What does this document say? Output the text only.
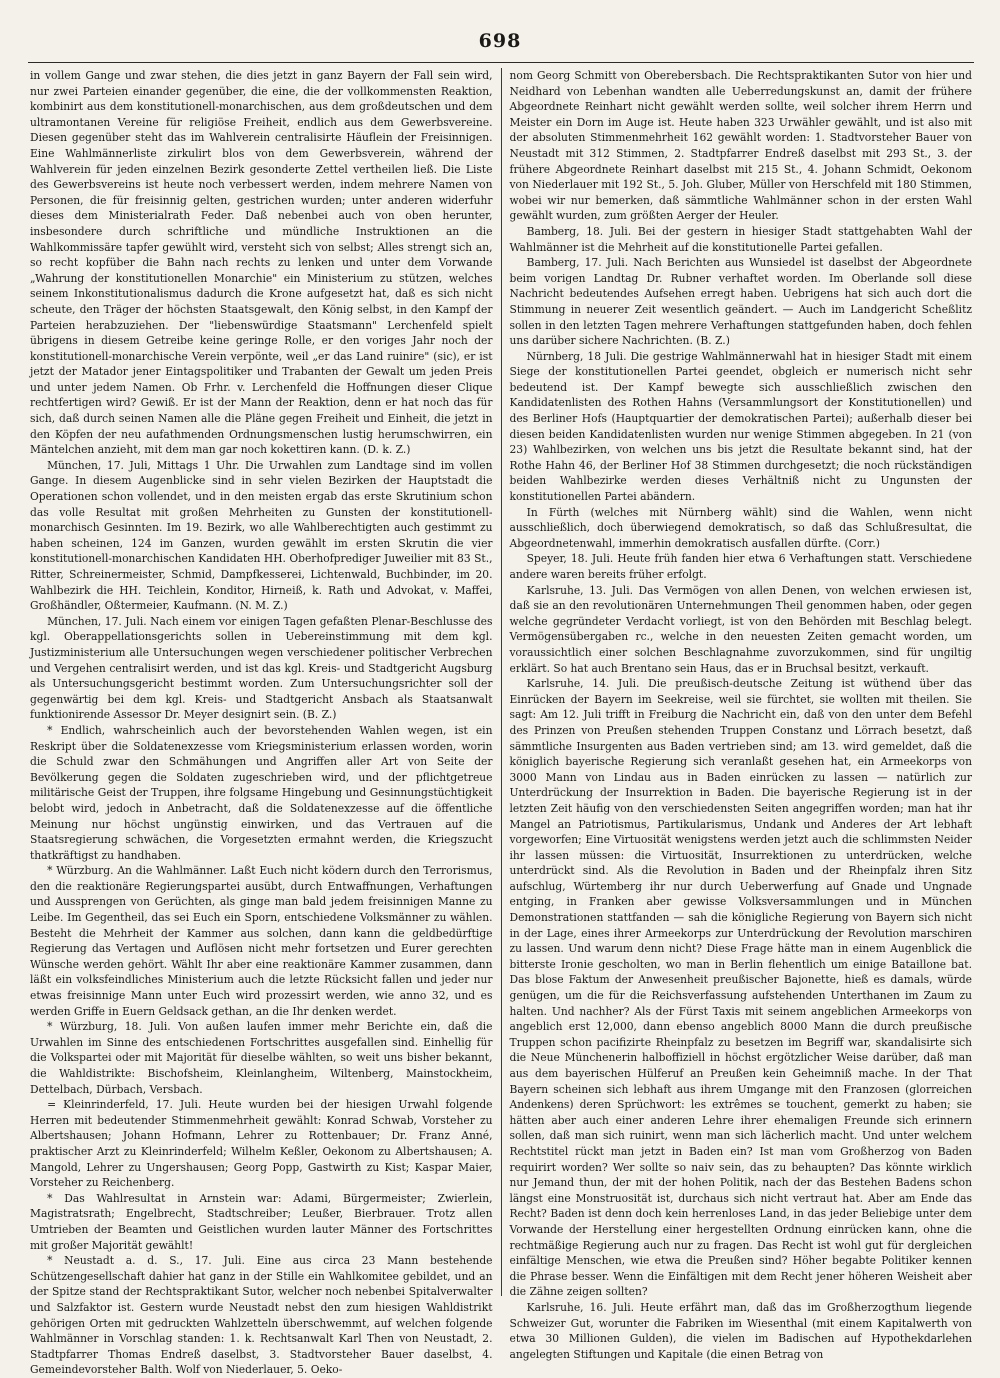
698

in vollem Gange und zwar stehen, die dies jetzt in ganz Bayern der Fall sein wird, nur zwei Parteien einander gegenüber, die eine, die der vollkommensten Reaktion, kombinirt aus dem konstitutionell-monarchischen, aus dem großdeutschen und dem ultramontanen Vereine für religiöse Freiheit, endlich aus dem Gewerbsvereine. Diesen gegenüber steht das im Wahlverein centralisirte Häuflein der Freisinnigen. Eine Wahlmännerliste zirkulirt blos von dem Gewerbsverein, während der Wahlverein für jeden einzelnen Bezirk gesonderte Zettel vertheilen ließ. Die Liste des Gewerbsvereins ist heute noch verbessert werden, indem mehrere Namen von Personen, die für freisinnig gelten, gestrichen wurden; unter anderen widerfuhr dieses dem Ministerialrath Feder. Daß nebenbei auch von oben herunter, insbesondere durch schriftliche und mündliche Instruktionen an die Wahlkommissäre tapfer gewühlt wird, versteht sich von selbst; Alles strengt sich an, so recht kopfüber die Bahn nach rechts zu lenken und unter dem Vorwande „Wahrung der konstitutionellen Monarchie" ein Ministerium zu stützen, welches seinem Inkonstitutionalismus dadurch die Krone aufgesetzt hat, daß es sich nicht scheute, den Träger der höchsten Staatsgewalt, den König selbst, in den Kampf der Parteien herabzuziehen. Der "liebenswürdige Staatsmann" Lerchenfeld spielt übrigens in diesem Getreibe keine geringe Rolle, er den voriges Jahr noch der konstitutionell-monarchische Verein verpönte, weil „er das Land ruinire" (sic), er ist jetzt der Matador jener Eintagspolitiker und Trabanten der Gewalt um jeden Preis und unter jedem Namen. Ob Frhr. v. Lerchenfeld die Hoffnungen dieser Clique rechtfertigen wird? Gewiß. Er ist der Mann der Reaktion, denn er hat noch das für sich, daß durch seinen Namen alle die Pläne gegen Freiheit und Einheit, die jetzt in den Köpfen der neu aufathmenden Ordnungsmenschen lustig herumschwirren, ein Mäntelchen anzieht, mit dem man gar noch kokettiren kann. (D. k. Z.)

München, 17. Juli, Mittags 1 Uhr. Die Urwahlen zum Landtage sind im vollen Gange. In diesem Augenblicke sind in sehr vielen Bezirken der Hauptstadt die Operationen schon vollendet, und in den meisten ergab das erste Skrutinium schon das volle Resultat mit großen Mehrheiten zu Gunsten der konstitutionell-monarchisch Gesinnten. Im 19. Bezirk, wo alle Wahlberechtigten auch gestimmt zu haben scheinen, 124 im Ganzen, wurden gewählt im ersten Skrutin die vier konstitutionell-monarchischen Kandidaten HH. Oberhofprediger Juweilier mit 83 St., Ritter, Schreinermeister, Schmid, Dampfkesserei, Lichtenwald, Buchbinder, im 20. Wahlbezirk die HH. Teichlein, Konditor, Hirneiß, k. Rath und Advokat, v. Maffei, Großhändler, Oßtermeier, Kaufmann. (N. M. Z.)

München, 17. Juli. Nach einem vor einigen Tagen gefaßten Plenar-Beschlusse des kgl. Oberappellationsgerichts sollen in Uebereinstimmung mit dem kgl. Justizministerium alle Untersuchungen wegen verschiedener politischer Verbrechen und Vergehen centralisirt werden, und ist das kgl. Kreis- und Stadtgericht Augsburg als Untersuchungsgericht bestimmt worden. Zum Untersuchungsrichter soll der gegenwärtig bei dem kgl. Kreis- und Stadtgericht Ansbach als Staatsanwalt funktionirende Assessor Dr. Meyer designirt sein. (B. Z.)

* Endlich, wahrscheinlich auch der bevorstehenden Wahlen wegen, ist ein Reskript über die Soldatenexzesse vom Kriegsministerium erlassen worden, worin die Schuld zwar den Schmähungen und Angriffen aller Art von Seite der Bevölkerung gegen die Soldaten zugeschrieben wird, und der pflichtgetreue militärische Geist der Truppen, ihre folgsame Hingebung und Gesinnungstüchtigkeit belobt wird, jedoch in Anbetracht, daß die Soldatenexzesse auf die öffentliche Meinung nur höchst ungünstig einwirken, und das Vertrauen auf die Staatsregierung schwächen, die Vorgesetzten ermahnt werden, die Kriegszucht thatkräftigst zu handhaben.

* Würzburg. An die Wahlmänner. Laßt Euch nicht ködern durch den Terrorismus, den die reaktionäre Regierungspartei ausübt, durch Entwaffnungen, Verhaftungen und Aussprengen von Gerüchten, als ginge man bald jedem freisinnigen Manne zu Leibe. Im Gegentheil, das sei Euch ein Sporn, entschiedene Volksmänner zu wählen. Besteht die Mehrheit der Kammer aus solchen, dann kann die geldbedürftige Regierung das Vertagen und Auflösen nicht mehr fortsetzen und Eurer gerechten Wünsche werden gehört. Wählt Ihr aber eine reaktionäre Kammer zusammen, dann läßt ein volksfeindliches Ministerium auch die letzte Rücksicht fallen und jeder nur etwas freisinnige Mann unter Euch wird prozessirt werden, wie anno 32, und es werden Griffe in Euern Geldsack gethan, an die Ihr denken werdet.

* Würzburg, 18. Juli. Von außen laufen immer mehr Berichte ein, daß die Urwahlen im Sinne des entschiedenen Fortschrittes ausgefallen sind. Einhellig für die Volkspartei oder mit Majorität für dieselbe wählten, so weit uns bisher bekannt, die Wahldistrikte: Bischofsheim, Kleinlangheim, Wiltenberg, Mainstockheim, Dettelbach, Dürbach, Versbach.

= Kleinrinderfeld, 17. Juli. Heute wurden bei der hiesigen Urwahl folgende Herren mit bedeutender Stimmenmehrheit gewählt: Konrad Schwab, Vorsteher zu Albertshausen; Johann Hofmann, Lehrer zu Rottenbauer; Dr. Franz Anné, praktischer Arzt zu Kleinrinderfeld; Wilhelm Keßler, Oekonom zu Albertshausen; A. Mangold, Lehrer zu Ungershausen; Georg Popp, Gastwirth zu Kist; Kaspar Maier, Vorsteher zu Reichenberg.

* Das Wahlresultat in Arnstein war: Adami, Bürgermeister; Zwierlein, Magistratsrath; Engelbrecht, Stadtschreiber; Leußer, Bierbrauer. Trotz allen Umtrieben der Beamten und Geistlichen wurden lauter Männer des Fortschrittes mit großer Majorität gewählt!

* Neustadt a. d. S., 17. Juli. Eine aus circa 23 Mann bestehende Schützengesellschaft dahier hat ganz in der Stille ein Wahlkomitee gebildet, und an der Spitze stand der Rechtspraktikant Sutor, welcher noch nebenbei Spitalverwalter und Salzfaktor ist. Gestern wurde Neustadt nebst den zum hiesigen Wahldistrikt gehörigen Orten mit gedruckten Wahlzetteln überschwemmt, auf welchen folgende Wahlmänner in Vorschlag standen: 1. k. Rechtsanwalt Karl Then von Neustadt, 2. Stadtpfarrer Thomas Endreß daselbst, 3. Stadtvorsteher Bauer daselbst, 4. Gemeindevorsteher Balth. Wolf von Niederlauer, 5. Oeko-

nom Georg Schmitt von Oberebersbach. Die Rechtspraktikanten Sutor von hier und Neidhard von Lebenhan wandten alle Ueberredungskunst an, damit der frühere Abgeordnete Reinhart nicht gewählt werden sollte, weil solcher ihrem Herrn und Meister ein Dorn im Auge ist. Heute haben 323 Urwähler gewählt, und ist also mit der absoluten Stimmenmehrheit 162 gewählt worden: 1. Stadtvorsteher Bauer von Neustadt mit 312 Stimmen, 2. Stadtpfarrer Endreß daselbst mit 293 St., 3. der frühere Abgeordnete Reinhart daselbst mit 215 St., 4. Johann Schmidt, Oekonom von Niederlauer mit 192 St., 5. Joh. Gluber, Müller von Herschfeld mit 180 Stimmen, wobei wir nur bemerken, daß sämmtliche Wahlmänner schon in der ersten Wahl gewählt wurden, zum größten Aerger der Heuler.

Bamberg, 18. Juli. Bei der gestern in hiesiger Stadt stattgehabten Wahl der Wahlmänner ist die Mehrheit auf die konstitutionelle Partei gefallen.

Bamberg, 17. Juli. Nach Berichten aus Wunsiedel ist daselbst der Abgeordnete beim vorigen Landtag Dr. Rubner verhaftet worden. Im Oberlande soll diese Nachricht bedeutendes Aufsehen erregt haben. Uebrigens hat sich auch dort die Stimmung in neuerer Zeit wesentlich geändert. — Auch im Landgericht Scheßlitz sollen in den letzten Tagen mehrere Verhaftungen stattgefunden haben, doch fehlen uns darüber sichere Nachrichten. (B. Z.)

Nürnberg, 18 Juli. Die gestrige Wahlmännerwahl hat in hiesiger Stadt mit einem Siege der konstitutionellen Partei geendet, obgleich er numerisch nicht sehr bedeutend ist. Der Kampf bewegte sich ausschließlich zwischen den Kandidatenlisten des Rothen Hahns (Versammlungsort der Konstitutionellen) und des Berliner Hofs (Hauptquartier der demokratischen Partei); außerhalb dieser bei diesen beiden Kandidatenlisten wurden nur wenige Stimmen abgegeben. In 21 (von 23) Wahlbezirken, von welchen uns bis jetzt die Resultate bekannt sind, hat der Rothe Hahn 46, der Berliner Hof 38 Stimmen durchgesetzt; die noch rückständigen beiden Wahlbezirke werden dieses Verhältniß nicht zu Ungunsten der konstitutionellen Partei abändern.

In Fürth (welches mit Nürnberg wählt) sind die Wahlen, wenn nicht ausschließlich, doch überwiegend demokratisch, so daß das Schlußresultat, die Abgeordnetenwahl, immerhin demokratisch ausfallen dürfte. (Corr.)

Speyer, 18. Juli. Heute früh fanden hier etwa 6 Verhaftungen statt. Verschiedene andere waren bereits früher erfolgt.

Karlsruhe, 13. Juli. Das Vermögen von allen Denen, von welchen erwiesen ist, daß sie an den revolutionären Unternehmungen Theil genommen haben, oder gegen welche gegründeter Verdacht vorliegt, ist von den Behörden mit Beschlag belegt. Vermögensübergaben rc., welche in den neuesten Zeiten gemacht worden, um voraussichtlich einer solchen Beschlagnahme zuvorzukommen, sind für ungiltig erklärt. So hat auch Brentano sein Haus, das er in Bruchsal besitzt, verkauft.

Karlsruhe, 14. Juli. Die preußisch-deutsche Zeitung ist wüthend über das Einrücken der Bayern im Seekreise, weil sie fürchtet, sie wollten mit theilen. Sie sagt: Am 12. Juli trifft in Freiburg die Nachricht ein, daß von den unter dem Befehl des Prinzen von Preußen stehenden Truppen Constanz und Lörrach besetzt, daß sämmtliche Insurgenten aus Baden vertrieben sind; am 13. wird gemeldet, daß die königlich bayerische Regierung sich veranlaßt gesehen hat, ein Armeekorps von 3000 Mann von Lindau aus in Baden einrücken zu lassen — natürlich zur Unterdrückung der Insurrektion in Baden. Die bayerische Regierung ist in der letzten Zeit häufig von den verschiedensten Seiten angegriffen worden; man hat ihr Mangel an Patriotismus, Partikularismus, Undank und Anderes der Art lebhaft vorgeworfen; Eine Virtuosität wenigstens werden jetzt auch die schlimmsten Neider ihr lassen müssen: die Virtuosität, Insurrektionen zu unterdrücken, welche unterdrückt sind. Als die Revolution in Baden und der Rheinpfalz ihren Sitz aufschlug, Würtemberg ihr nur durch Ueberwerfung auf Gnade und Ungnade entging, in Franken aber gewisse Volksversammlungen und in München Demonstrationen stattfanden — sah die königliche Regierung von Bayern sich nicht in der Lage, eines ihrer Armeekorps zur Unterdrückung der Revolution marschiren zu lassen. Und warum denn nicht? Diese Frage hätte man in einem Augenblick die bitterste Ironie gescholten, wo man in Berlin flehentlich um einige Bataillone bat. Das blose Faktum der Anwesenheit preußischer Bajonette, hieß es damals, würde genügen, um die für die Reichsverfassung aufstehenden Unterthanen im Zaum zu halten. Und nachher? Als der Fürst Taxis mit seinem angeblichen Armeekorps von angeblich erst 12,000, dann ebenso angeblich 8000 Mann die durch preußische Truppen schon pacifizirte Rheinpfalz zu besetzen im Begriff war, skandalisirte sich die Neue Münchenerin halboffiziell in höchst ergötzlicher Weise darüber, daß man aus dem bayerischen Hülferuf an Preußen kein Geheimniß mache. In der That Bayern scheinen sich lebhaft aus ihrem Umgange mit den Franzosen (glorreichen Andenkens) deren Sprüchwort: les extrêmes se touchent, gemerkt zu haben; sie hätten aber auch einer anderen Lehre ihrer ehemaligen Freunde sich erinnern sollen, daß man sich ruinirt, wenn man sich lächerlich macht. Und unter welchem Rechtstitel rückt man jetzt in Baden ein? Ist man vom Großherzog von Baden requirirt worden? Wer sollte so naiv sein, das zu behaupten? Das könnte wirklich nur Jemand thun, der mit der hohen Politik, nach der das Bestehen Badens schon längst eine Monstruosität ist, durchaus sich nicht vertraut hat. Aber am Ende das Recht? Baden ist denn doch kein herrenloses Land, in das jeder Beliebige unter dem Vorwande der Herstellung einer hergestellten Ordnung einrücken kann, ohne die rechtmäßige Regierung auch nur zu fragen. Das Recht ist wohl gut für dergleichen einfältige Menschen, wie etwa die Preußen sind? Höher begabte Politiker kennen die Phrase besser. Wenn die Einfältigen mit dem Recht jener höheren Weisheit aber die Zähne zeigen sollten?

Karlsruhe, 16. Juli. Heute erfährt man, daß das im Großherzogthum liegende Schweizer Gut, worunter die Fabriken im Wiesenthal (mit einem Kapitalwerth von etwa 30 Millionen Gulden), die vielen im Badischen auf Hypothekdarlehen angelegten Stiftungen und Kapitale (die einen Betrag von
